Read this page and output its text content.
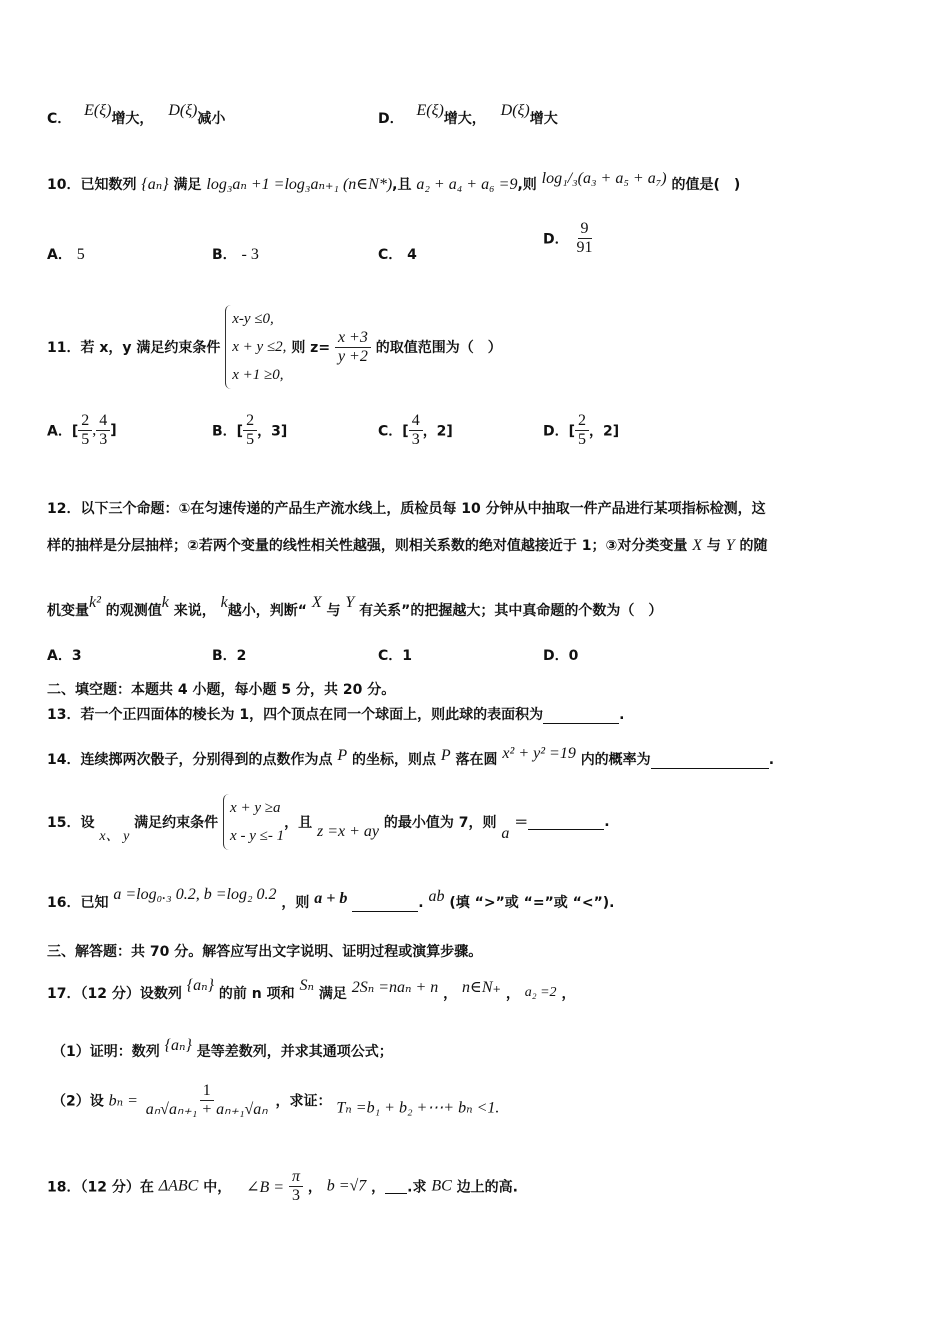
C． E(ξ)增大， D(ξ)减小	D． E(ξ)增大， D(ξ)增大
10．已知数列 {aₙ} 满足 log₃aₙ +1 =log₃aₙ₊₁ (n∈N*),且 a₂ + a₄ + a₆ =9,则 log₁/₃(a₃ + a₅ + a₇) 的值是(　)
A． 5	B． - 3	C． 4
D． $\frac{9}{91}$
11．若 x，y 满足约束条件 x-y ≤0,
x + y ≤2,
x +1 ≥0, 则 $z= \frac{x +3}{y +2}$ 的取值范围为（　）
A．[ $\frac{2}{5}$ , $\frac{4}{3}$ ]	B．[ $\frac{2}{5}$ ，3]	C．[ $\frac{4}{3}$ ，2]	D．[ $\frac{2}{5}$ ，2]
12．以下三个命题：①在匀速传递的产品生产流水线上，质检员每 10 分钟从中抽取一件产品进行某项指标检测，这
样的抽样是分层抽样；②若两个变量的线性相关性越强，则相关系数的绝对值越接近于 1；③对分类变量 X 与 Y 的随
机变量k² 的观测值k 来说， k越小，判断“ X 与 Y 有关系”的把握越大；其中真命题的个数为（　）
A．3	B．2	C．1	D．0
二、填空题：本题共 4 小题，每小题 5 分，共 20 分。
13．若一个正四面体的棱长为 1，四个顶点在同一个球面上，则此球的表面积为	.
14．连续掷两次骰子，分别得到的点数作为点 P 的坐标，则点 P 落在圆 x² + y² =19 内的概率为	.
15．设 x、 y 满足约束条件 x + y ≥a
x - y ≤- 1，且 z =x + ay 的最小值为 7，则 a ＝	.
16．已知 a =log₀.₃ 0.2, b =log₂ 0.2 ，则 a + b	. ab (填 “>”或 “=”或 “<”).
三、解答题：共 70 分。解答应写出文字说明、证明过程或演算步骤。
17．（12 分）设数列 {aₙ} 的前 n 项和 Sₙ 满足 2Sₙ =naₙ + n ， n∈N₊ ， a₂ =2 ，
（1）证明：数列 {aₙ} 是等差数列，并求其通项公式；
（2）设 $b_n = \frac{1}{\text{aₙ√aₙ₊₁ + aₙ₊₁√aₙ}}$ ，求证： Tₙ =b₁ + b₂ +⋯+ bₙ <1.
18．（12 分）在 ΔABC 中， ∠B = $\frac{\pi}{3}$ ， b =√7 ， .求 BC 边上的高.
